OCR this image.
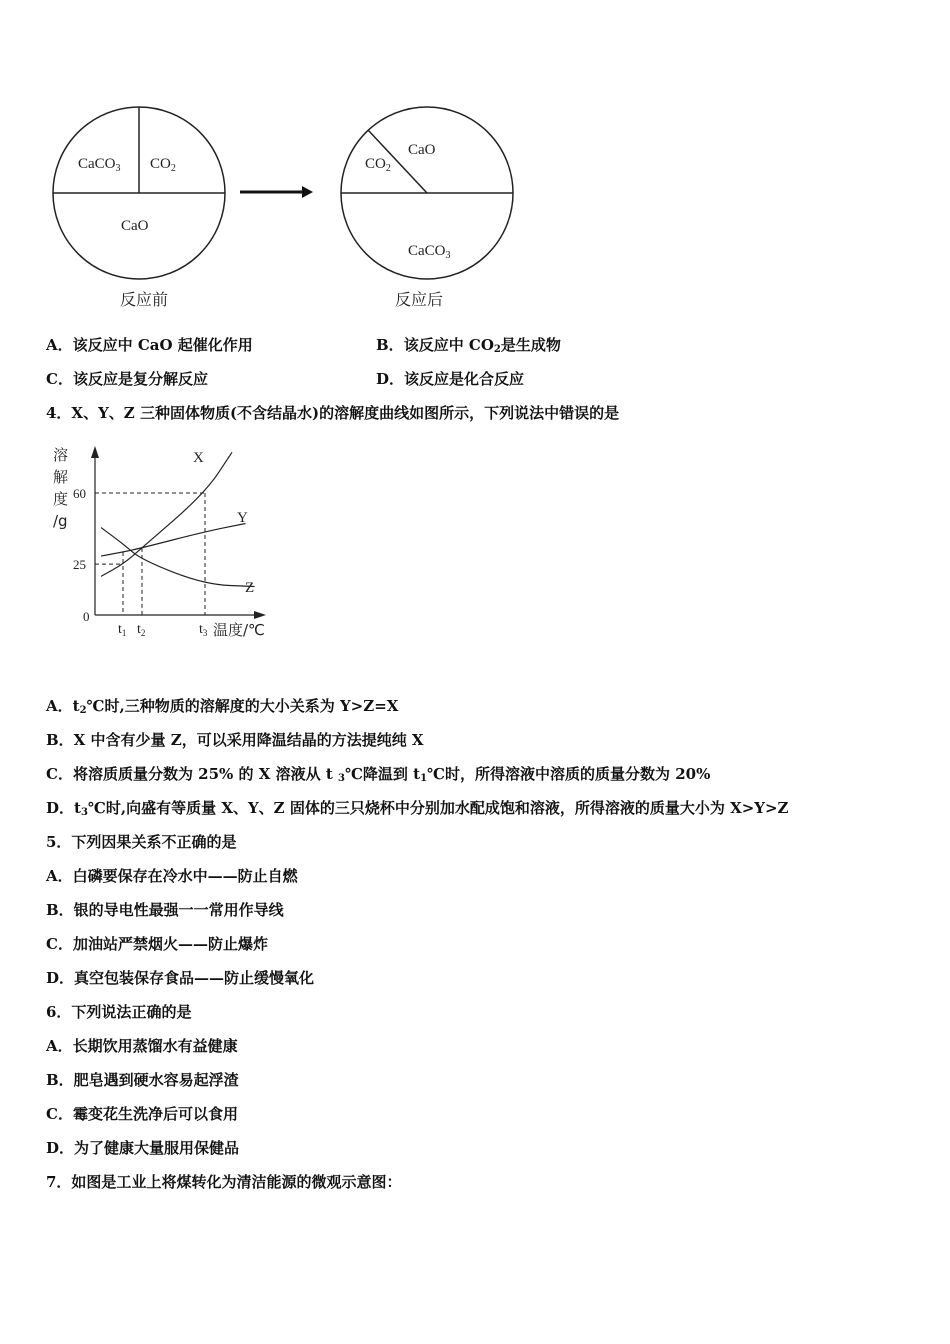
CaCO$_3$ $CO_2$
CaO
反应前
$CO_2$
CaO
CaCO$_3$
反应后
A．该反应中 CaO 起催化作用	B．该反应中 $CO_2$是生成物
C．该反应是复分解反应	D．该反应是化合反应
4．X、Y、Z 三种固体物质(不含结晶水)的溶解度曲线如图所示，下列说法中错误的是
溶
解
度
/g
0
60
25
X
Y
Z
$t_1$ $t_2$	$t_3$ 温度/℃
A．$t_2℃$时,三种物质的溶解度的大小关系为 Y>Z=X
B．X 中含有少量 Z，可以采用降温结晶的方法提纯纯 X
C．将溶质质量分数为 25% 的 X 溶液从 t $_3$℃降温到 $t_1℃$时，所得溶液中溶质的质量分数为 20%
D．$t_3℃$时,向盛有等质量 X、Y、Z 固体的三只烧杯中分别加水配成饱和溶液，所得溶液的质量大小为 X>Y>Z
5．下列因果关系不正确的是
A．白磷要保存在冷水中——防止自燃
B．银的导电性最强一一常用作导线
C．加油站严禁烟火——防止爆炸
D．真空包装保存食品——防止缓慢氧化
6．下列说法正确的是
A．长期饮用蒸馏水有益健康
B．肥皂遇到硬水容易起浮渣
C．霉变花生洗净后可以食用
D．为了健康大量服用保健品
7．如图是工业上将煤转化为清洁能源的微观示意图：
